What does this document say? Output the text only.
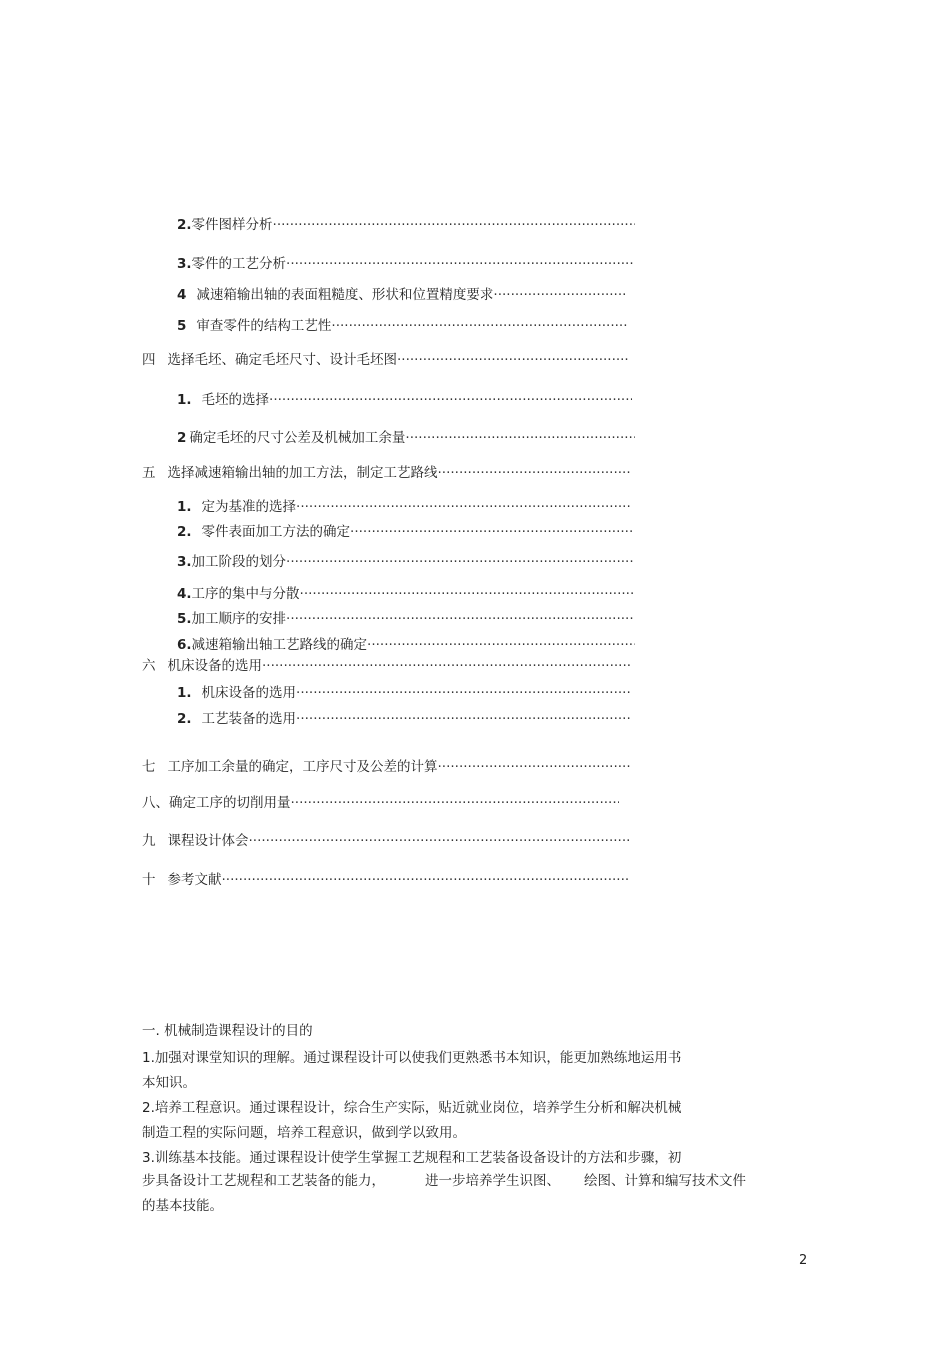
2. 零件图样分析
·····
3. 零件的工艺分析
·····
4 减速箱输出轴的表面粗糙度、形状和位置精度要求
·····
5 审查零件的结构工艺性
·····
四 选择毛坯、确定毛坯尺寸、设计毛坯图
·····
1. 毛坯的选择
·····
2 确定毛坯的尺寸公差及机械加工余量
·····
五 选择减速箱输出轴的加工方法，制定工艺路线
·····
1. 定为基准的选择
·····
2. 零件表面加工方法的确定
·····
3. 加工阶段的划分
·····
4. 工序的集中与分散
·····
5. 加工顺序的安排
·····
6. 减速箱输出轴工艺路线的确定
·····
六 机床设备的选用
·····
1. 机床设备的选用
·····
2. 工艺装备的选用
·····
七 工序加工余量的确定，工序尺寸及公差的计算
·····
八、 确定工序的切削用量
·····
九 课程设计体会
·····
十 参考文献
·····
一. 机械制造课程设计的目的
1.加强对课堂知识的理解。通过课程设计可以使我们更熟悉书本知识，能更加熟练地运用书
本知识。
2.培养工程意识。通过课程设计，综合生产实际，贴近就业岗位，培养学生分析和解决机械
制造工程的实际问题，培养工程意识，做到学以致用。
3.训练基本技能。通过课程设计使学生掌握工艺规程和工艺装备设备设计的方法和步骤，初
步具备设计工艺规程和工艺装备的能力，	进一步培养学生识图、 绘图、计算和编写技术文件
的基本技能。
2
